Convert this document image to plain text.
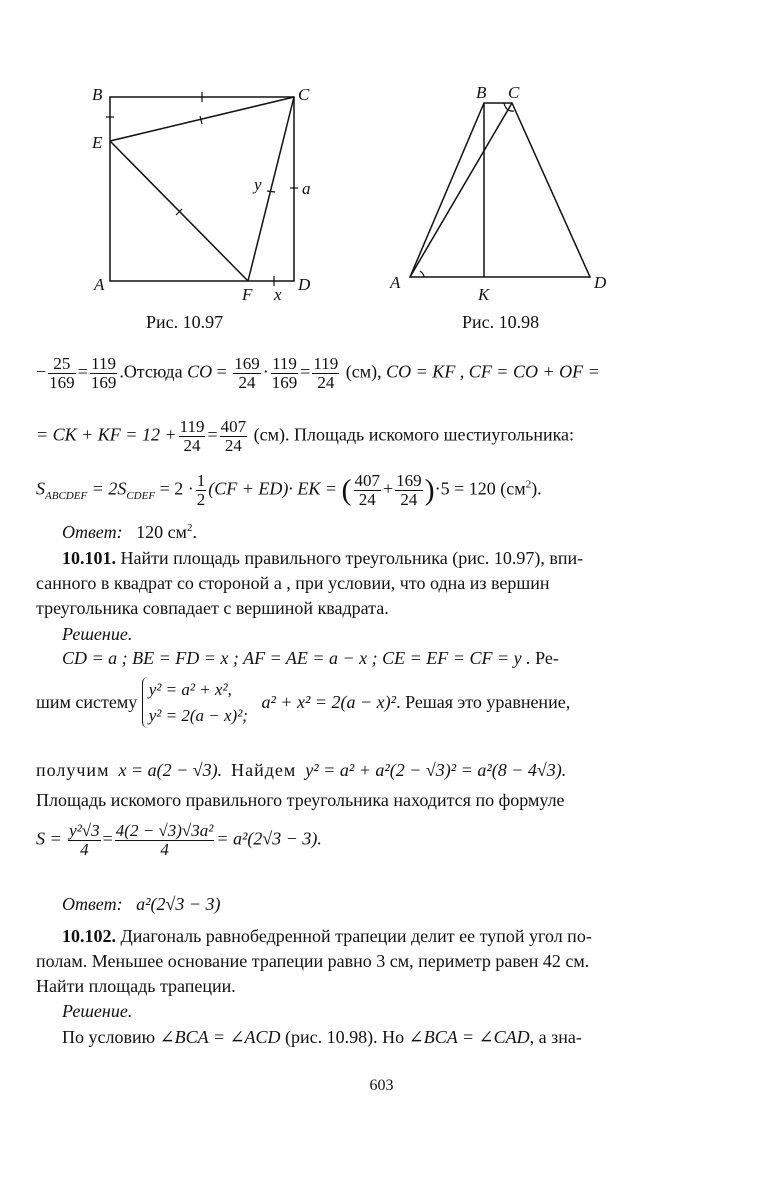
B	C
E
A
F x
D
y a
Рис. 10.97
B C
A
K
D
Рис. 10.98
− $\frac{25}{169} = \frac{119}{169}$ .Отсюда CO = $\frac{169}{24} \cdot \frac{119}{169} = \frac{119}{24} (см)$, CO = KF , CF = CO + OF =
= CK + KF = $12 + \frac{119}{24} = \frac{407}{24} (см)$. Площадь искомого шестиугольника:
$S_{ABCDEF} = 2S_{CDEF} = 2 \cdot \frac{1}{2} (CF + ED)\cdot$ EK = ( $\frac{407}{24} + \frac{169}{24} )\cdot 5 = 120$ $(см^2)$.
Ответ: 120 $см^2$.
10.101. Найти площадь правильного треугольника (рис. 10.97), впи-
санного в квадрат со стороной a , при условии, что одна из вершин
треугольника совпадает с вершиной квадрата.
Решение.
CD = a ; BE = FD = x ; AF = AE = a − x ; CE = EF = CF = y . Ре-
шим систему
y² = a² + x²,
y² = 2(a − x)²;
a² + x² = 2(a − x)². Решая это уравнение,
получим x = a(2 − √3). Найдем y² = a² + a²(2 − √3)² = a²(8 − 4√3).
Площадь искомого правильного треугольника находится по формуле
$S = \frac{\text{y²√3}}{4} = \frac{\text{4(2 − √3)√3a²}}{4} = a^2(2√3 - 3)$.
Ответ: a²(2√3 − 3)
10.102. Диагональ равнобедренной трапеции делит ее тупой угол по-
полам. Меньшее основание трапеции равно 3 см, периметр равен 42 см.
Найти площадь трапеции.
Решение.
По условию ∠BCA = ∠ACD (рис. 10.98). Но ∠BCA = ∠CAD, а зна-
603
